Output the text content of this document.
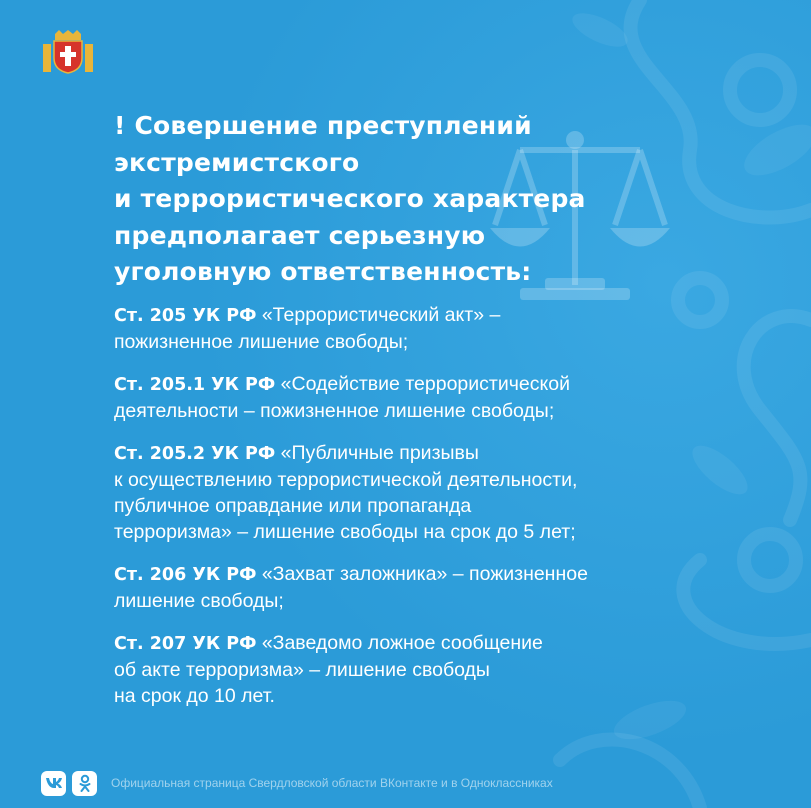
! Совершение преступлений
экстремистского
и террористического характера
предполагает серьезную
уголовную ответственность:

Ст. 205 УК РФ «Террористический акт» –
пожизненное лишение свободы;

Ст. 205.1 УК РФ «Содействие террористической
деятельности – пожизненное лишение свободы;

Ст. 205.2 УК РФ «Публичные призывы
к осуществлению террористической деятельности,
публичное оправдание или пропаганда
терроризма» – лишение свободы на срок до 5 лет;

Ст. 206 УК РФ «Захват заложника» – пожизненное
лишение свободы;

Ст. 207 УК РФ «Заведомо ложное сообщение
об акте терроризма» – лишение свободы
на срок до 10 лет.

Официальная страница Свердловской области ВКонтакте и в Одноклассниках
